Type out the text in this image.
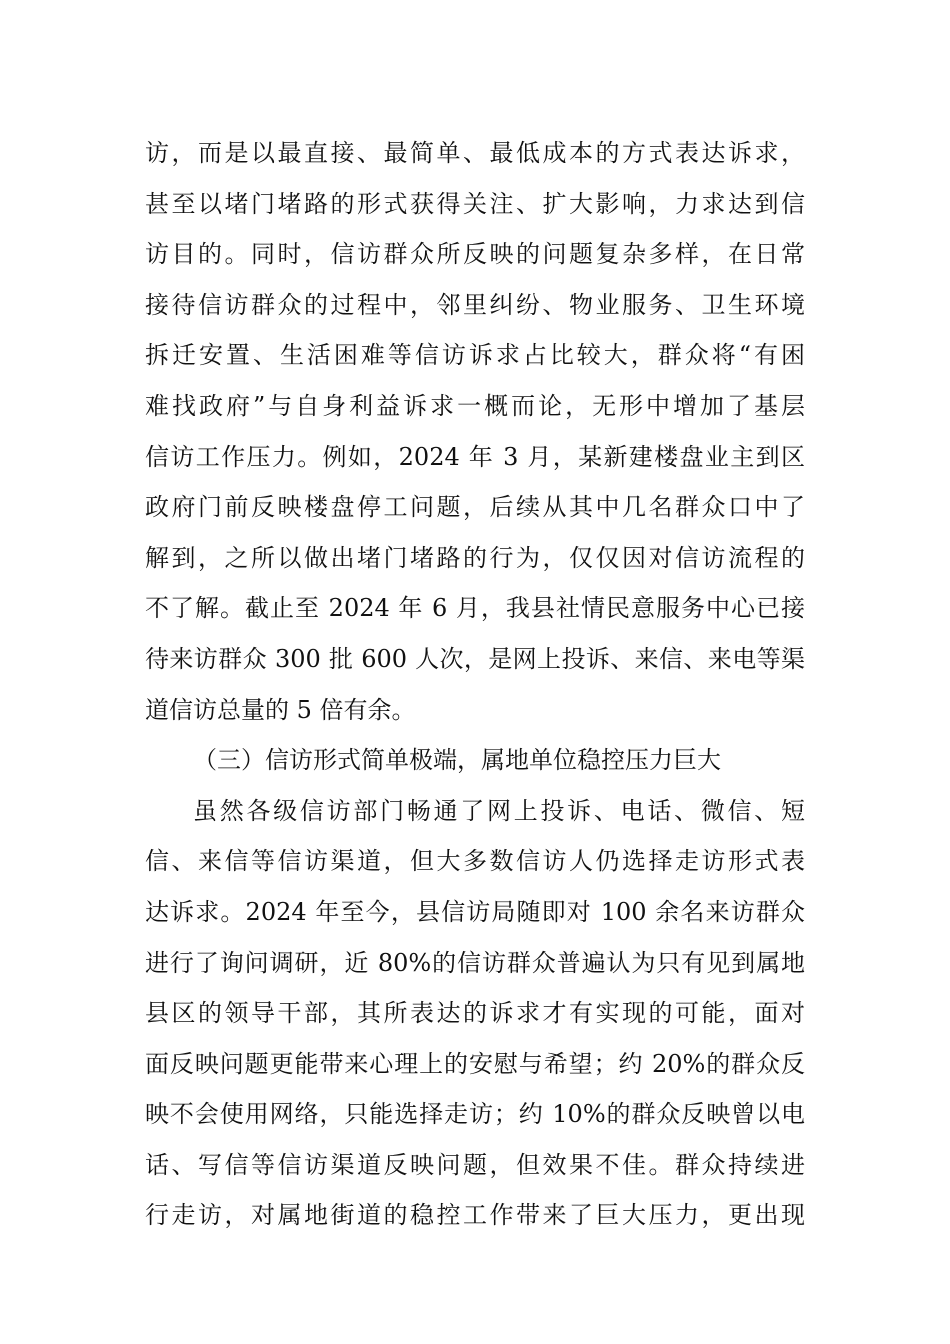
访，而是以最直接、最简单、最低成本的方式表达诉求，
甚至以堵门堵路的形式获得关注、扩大影响，力求达到信
访目的。同时，信访群众所反映的问题复杂多样，在日常
接待信访群众的过程中，邻里纠纷、物业服务、卫生环境
拆迁安置、生活困难等信访诉求占比较大，群众将“有困
难找政府”与自身利益诉求一概而论，无形中增加了基层
信访工作压力。例如，2024 年 3 月，某新建楼盘业主到区
政府门前反映楼盘停工问题，后续从其中几名群众口中了
解到，之所以做出堵门堵路的行为，仅仅因对信访流程的
不了解。截止至 2024 年 6 月，我县社情民意服务中心已接
待来访群众 300 批 600 人次，是网上投诉、来信、来电等渠
道信访总量的 5 倍有余。
（三）信访形式简单极端，属地单位稳控压力巨大
虽然各级信访部门畅通了网上投诉、电话、微信、短
信、来信等信访渠道，但大多数信访人仍选择走访形式表
达诉求。2024 年至今，县信访局随即对 100 余名来访群众
进行了询问调研，近 80%的信访群众普遍认为只有见到属地
县区的领导干部，其所表达的诉求才有实现的可能，面对
面反映问题更能带来心理上的安慰与希望；约 20%的群众反
映不会使用网络，只能选择走访；约 10%的群众反映曾以电
话、写信等信访渠道反映问题，但效果不佳。群众持续进
行走访，对属地街道的稳控工作带来了巨大压力，更出现
